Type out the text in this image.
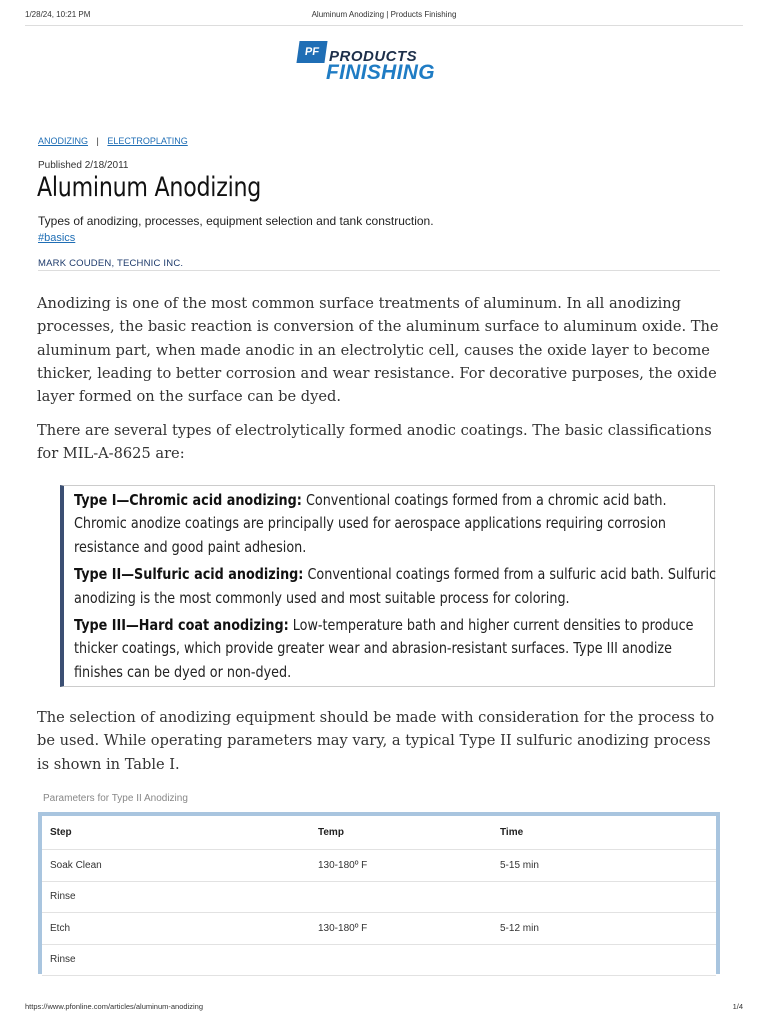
1/28/24, 10:21 PM	Aluminum Anodizing | Products Finishing
PF PRODUCTS
FINISHING
ANODIZING | ELECTROPLATING
Published 2/18/2011
Aluminum Anodizing
Types of anodizing, processes, equipment selection and tank construction.
#basics
MARK COUDEN, TECHNIC INC.

Anodizing is one of the most common surface treatments of aluminum. In all anodizing processes, the basic reaction is conversion of the aluminum surface to aluminum oxide. The aluminum part, when made anodic in an electrolytic cell, causes the oxide layer to become thicker, leading to better corrosion and wear resistance. For decorative purposes, the oxide layer formed on the surface can be dyed.

There are several types of electrolytically formed anodic coatings. The basic classifications for MIL-A-8625 are:

Type I—Chromic acid anodizing: Conventional coatings formed from a chromic acid bath. Chromic anodize coatings are principally used for aerospace applications requiring corrosion resistance and good paint adhesion.

Type II—Sulfuric acid anodizing: Conventional coatings formed from a sulfuric acid bath. Sulfuric anodizing is the most commonly used and most suitable process for coloring.

Type III—Hard coat anodizing: Low-temperature bath and higher current densities to produce thicker coatings, which provide greater wear and abrasion-resistant surfaces. Type III anodize finishes can be dyed or non-dyed.

The selection of anodizing equipment should be made with consideration for the process to be used. While operating parameters may vary, a typical Type II sulfuric anodizing process is shown in Table I.

Parameters for Type II Anodizing
Step	Temp	Time
Soak Clean	130-180º F	5-15 min
Rinse		
Etch	130-180º F	5-12 min
Rinse		
https://www.pfonline.com/articles/aluminum-anodizing	1/4
